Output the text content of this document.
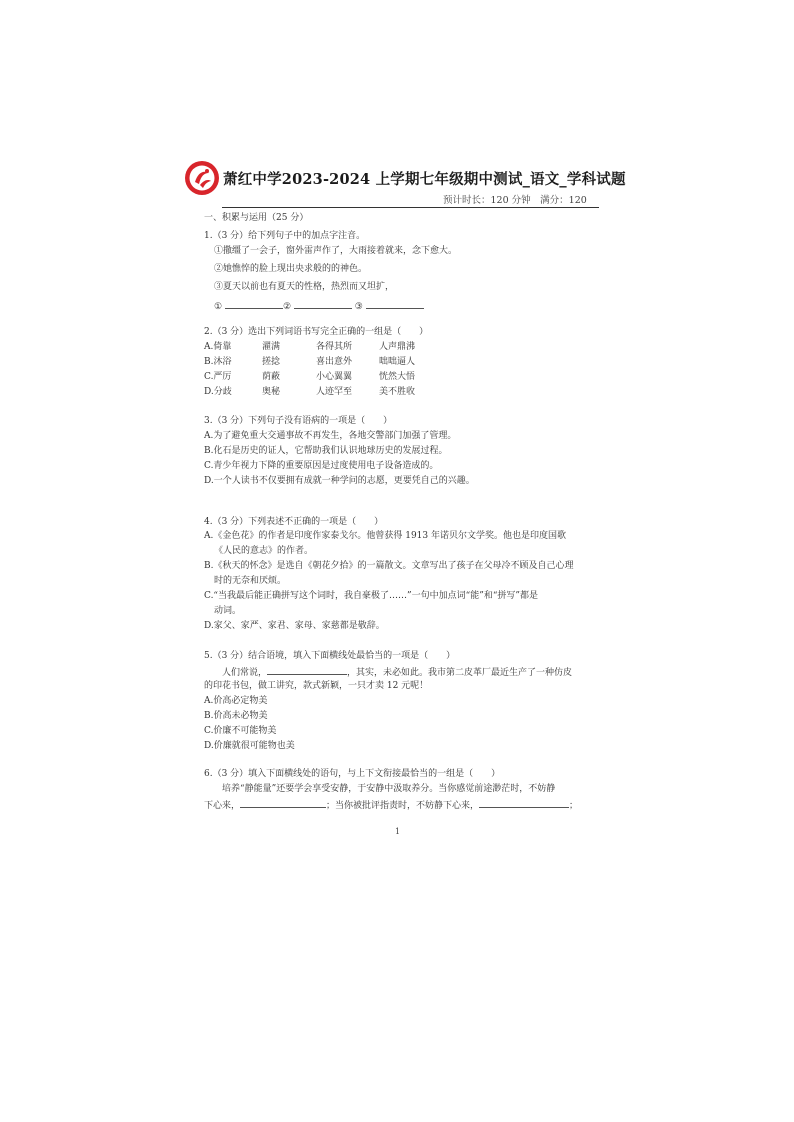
萧红中学2023-2024 上学期七年级期中测试_语文_学科试题
预计时长：120 分钟　 满分：120
一、积累与运用（25 分）
1.（3 分）给下列句子中的加点字注音。
①撒缰了一会子，窗外雷声作了，大雨接着就来，念下愈大。
②她憔悴的脸上现出央求般的的神色。
③夏天以前也有夏天的性格，热烈而又坦扩，
①	②	③
2.（3 分）选出下列词语书写完全正确的一组是（　　）
A.倚靠	濯满	各得其所	人声鼎沸
B.沐浴	搓捻	喜出意外	咄咄逼人
C.严厉	荫蔽	小心翼翼	恍然大悟
D.分歧	奥秘	人迹罕至	美不胜收
3.（3 分）下列句子没有语病的一项是（　　）
A.为了避免重大交通事故不再发生，各地交警部门加强了管理。
B.化石是历史的证人，它帮助我们认识地球历史的发展过程。
C.青少年视力下降的重要原因是过度使用电子设备造成的。
D.一个人读书不仅要拥有成就一种学问的志愿，更要凭自己的兴趣。
4.（3 分）下列表述不正确的一项是（　　）
A.《金色花》的作者是印度作家泰戈尔。他曾获得 1913 年诺贝尔文学奖。他也是印度国歌
《人民的意志》的作者。
B.《秋天的怀念》是选自《朝花夕拾》的一篇散文。文章写出了孩子在父母冷不顾及自己心理
时的无奈和厌烦。
C.“当我最后能正确拼写这个词时，我自豪极了……”一句中加点词“能”和“拼写”都是
动词。
D.家父、家严、家君、家母、家慈都是敬辞。
5.（3 分）结合语境，填入下面横线处最恰当的一项是（　　）
人们常说，	，其实，未必如此。我市第二皮革厂最近生产了一种仿皮
的印花书包，做工讲究，款式新颖，一只才卖 12 元呢！
A.价高必定物美
B.价高未必物美
C.价廉不可能物美
D.价廉就很可能物也美
6.（3 分）填入下面横线处的语句，与上下文衔接最恰当的一组是（　　）
培养“静能量”还要学会享受安静，于安静中汲取养分。当你感觉前途渺茫时，不妨静
下心来，	；当你被批评指责时，不妨静下心来，	；
1
